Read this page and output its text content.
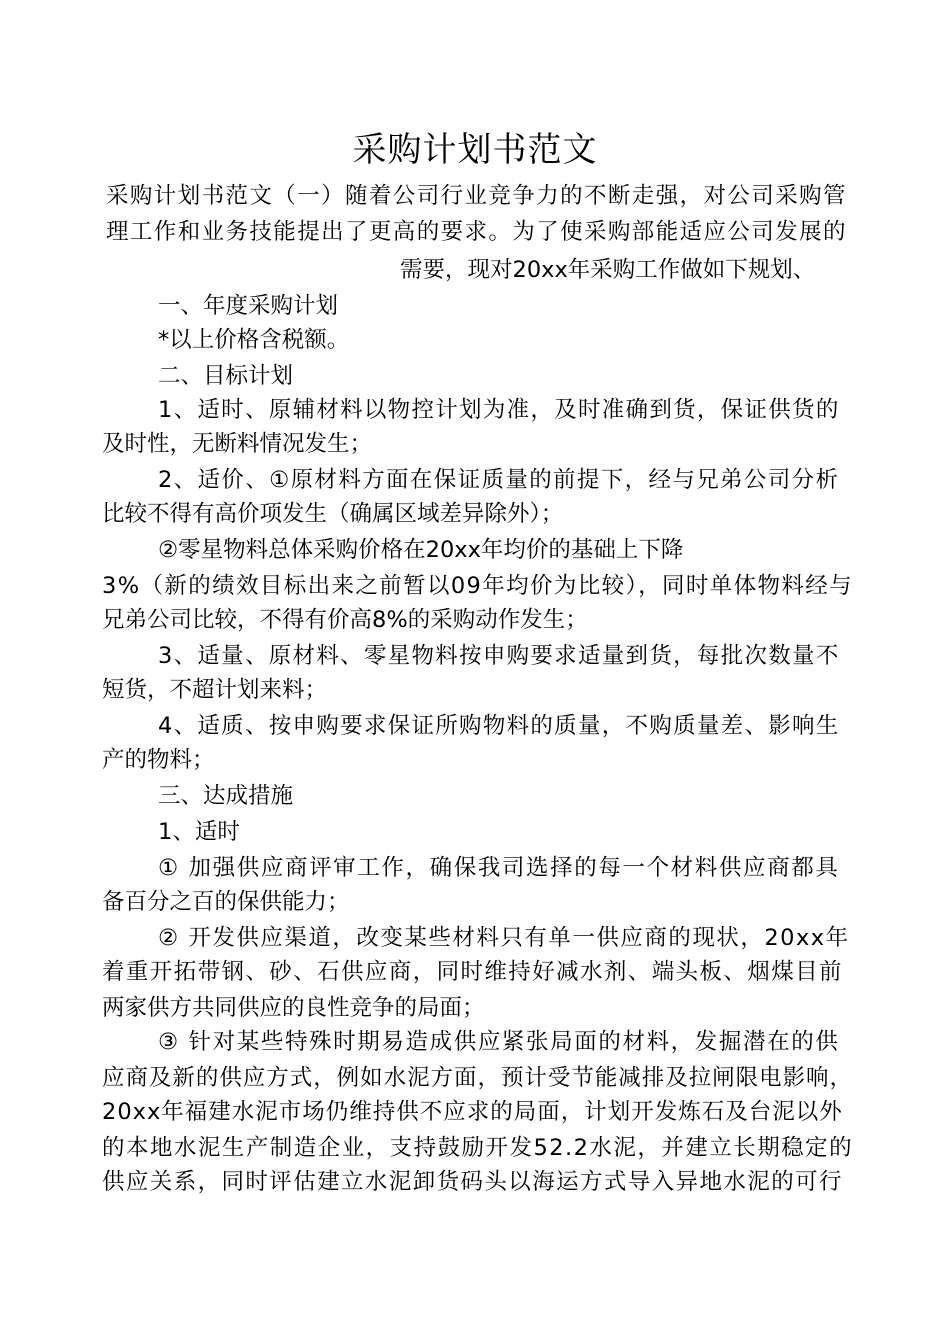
采购计划书范文
采购计划书范文（一）随着公司行业竞争力的不断走强，对公司采购管
理工作和业务技能提出了更高的要求。为了使采购部能适应公司发展的
需要，现对20xx年采购工作做如下规划、
一、年度采购计划
*以上价格含税额。
二、目标计划
1、适时、原辅材料以物控计划为准，及时准确到货，保证供货的
及时性，无断料情况发生；
2、适价、①原材料方面在保证质量的前提下，经与兄弟公司分析
比较不得有高价项发生（确属区域差异除外）；
②零星物料总体采购价格在20xx年均价的基础上下降
3%（新的绩效目标出来之前暂以09年均价为比较），同时单体物料经与
兄弟公司比较，不得有价高8%的采购动作发生；
3、适量、原材料、零星物料按申购要求适量到货，每批次数量不
短货，不超计划来料；
4、适质、按申购要求保证所购物料的质量，不购质量差、影响生
产的物料；
三、达成措施
1、适时
① 加强供应商评审工作，确保我司选择的每一个材料供应商都具
备百分之百的保供能力；
② 开发供应渠道，改变某些材料只有单一供应商的现状，20xx年
着重开拓带钢、砂、石供应商，同时维持好减水剂、端头板、烟煤目前
两家供方共同供应的良性竞争的局面；
③ 针对某些特殊时期易造成供应紧张局面的材料，发掘潜在的供
应商及新的供应方式，例如水泥方面，预计受节能减排及拉闸限电影响，
20xx年福建水泥市场仍维持供不应求的局面，计划开发炼石及台泥以外
的本地水泥生产制造企业，支持鼓励开发52.2水泥，并建立长期稳定的
供应关系，同时评估建立水泥卸货码头以海运方式导入异地水泥的可行
